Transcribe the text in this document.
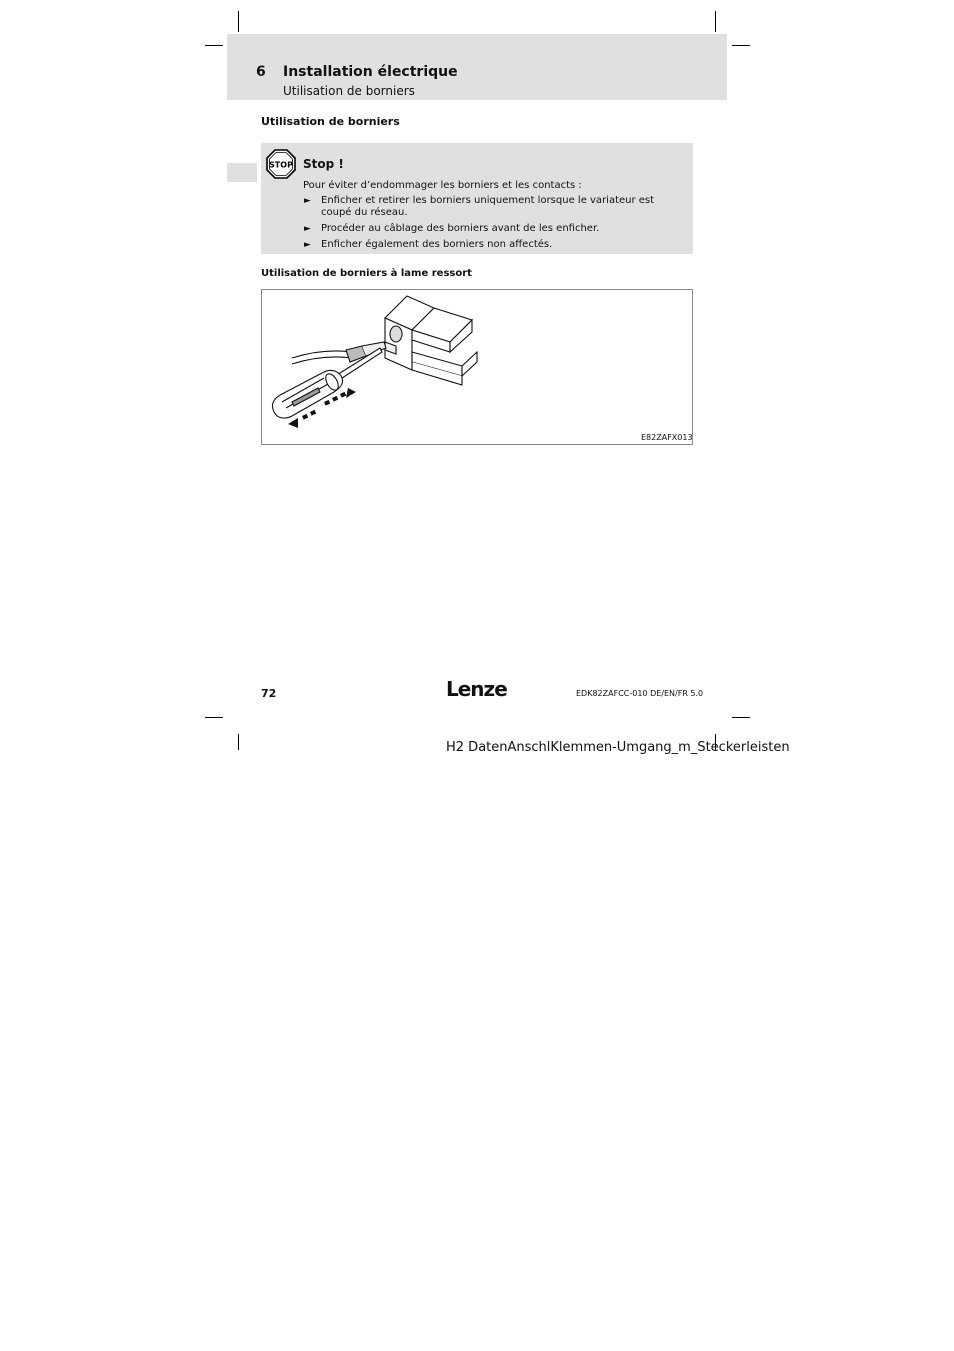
6 Installation électrique
Utilisation de borniers
Utilisation de borniers
STOP Stop !
Pour éviter d’endommager les borniers et les contacts :
► Enficher et retirer les borniers uniquement lorsque le variateur est coupé du réseau.
► Procéder au câblage des borniers avant de les enficher.
► Enficher également des borniers non affectés.
Utilisation de borniers à lame ressort
E82ZAFX013
72	Lenze	EDK82ZAFCC-010 DE/EN/FR 5.0
H2 DatenAnschlKlemmen-Umgang_m_Steckerleisten
